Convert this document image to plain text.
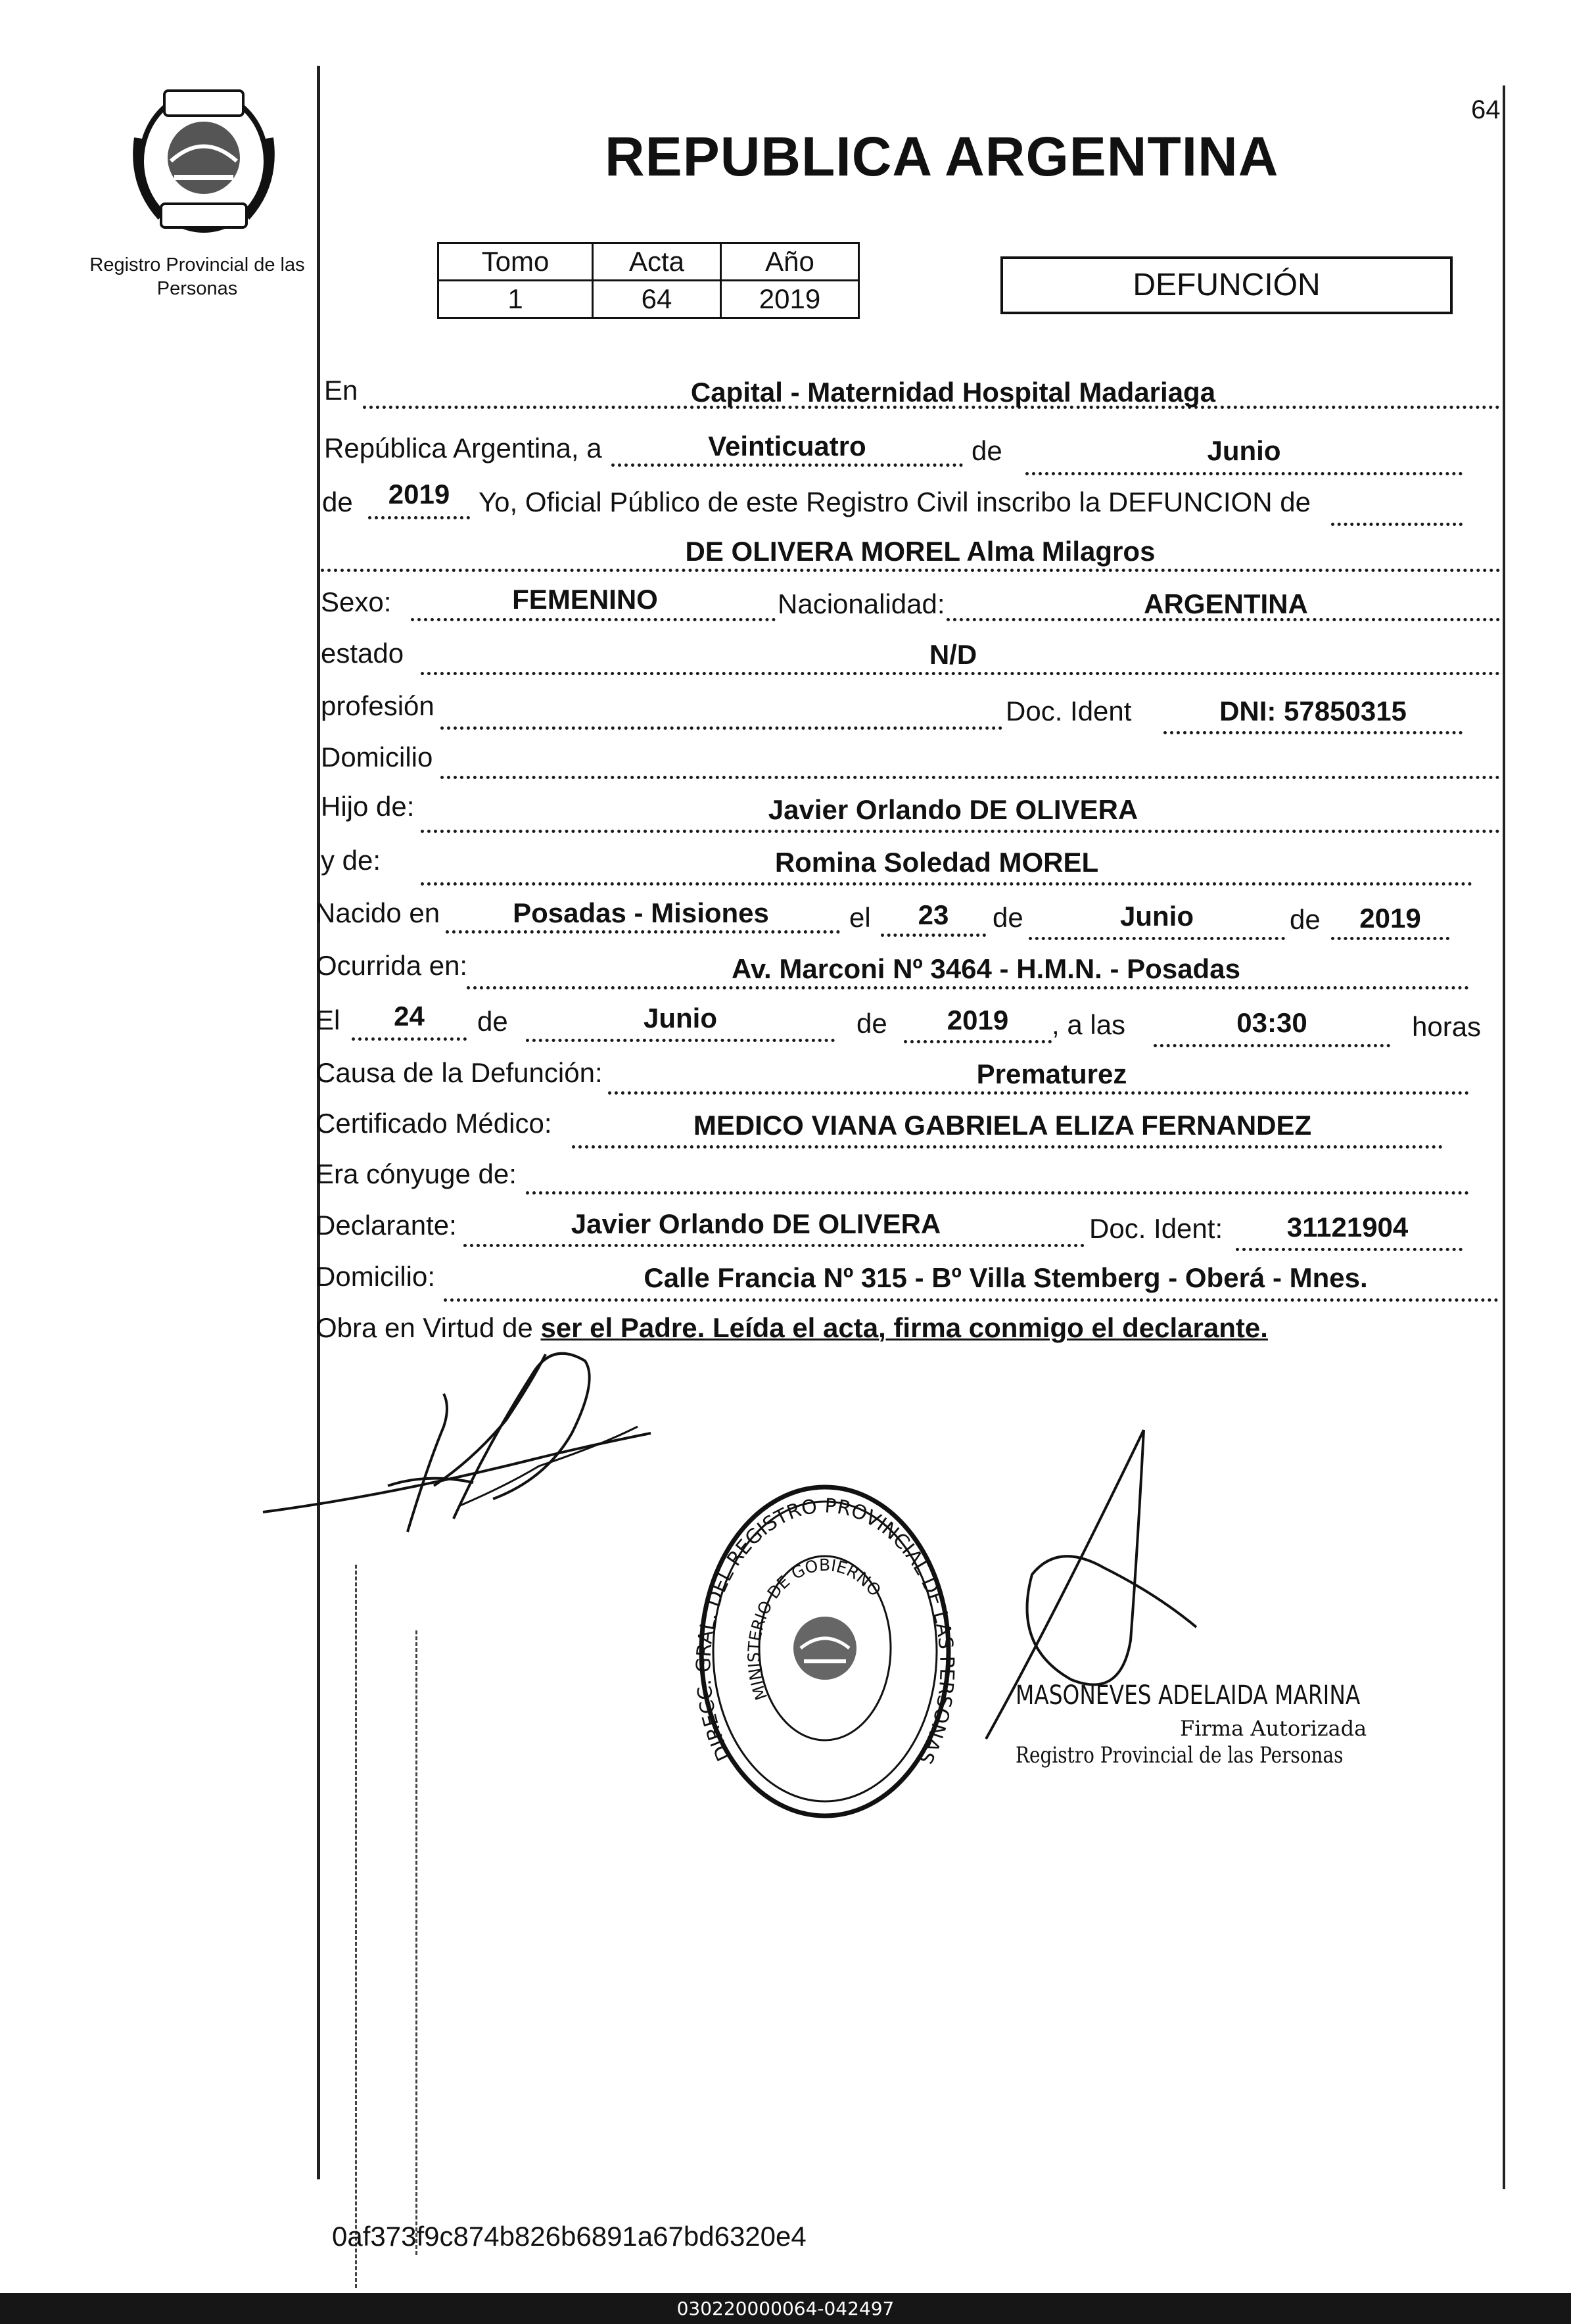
Registro Provincial de las Personas
REPUBLICA ARGENTINA
64
Tomo	Acta	Año
1	64	2019	DEFUNCIÓN
En	Capital - Maternidad Hospital Madariaga
República Argentina, a	Veinticuatro	de	Junio
de	2019	Yo, Oficial Público de este Registro Civil inscribo la DEFUNCION de
DE OLIVERA MOREL Alma Milagros
Sexo:	FEMENINO	Nacionalidad:	ARGENTINA
estado	N/D
profesión	Doc. Ident	DNI: 57850315
Domicilio
Hijo de:	Javier Orlando DE OLIVERA
y de:	Romina Soledad MOREL
Nacido en	Posadas - Misiones	el	23	de	Junio	de	2019
Ocurrida en:	Av. Marconi Nº 3464 - H.M.N. - Posadas
El	24	de	Junio	de	2019	, a las	03:30	horas
Causa de la Defunción:	Prematurez
Certificado Médico:	MEDICO VIANA GABRIELA ELIZA FERNANDEZ
Era cónyuge de:
Declarante:	Javier Orlando DE OLIVERA	Doc. Ident:	31121904
Domicilio:	Calle Francia Nº 315 - Bº Villa Stemberg - Oberá - Mnes.
Obra en Virtud de ser el Padre. Leída el acta, firma conmigo el declarante.
DIRECC AL. DEL REGISTRO PROVINCIAL DE LAS SONAS
MINISTERIO DE GOBIERNO
MASONEVES ADELAIDA MARINA
Firma Autorizada
Registro Provincial de las Personas
0af373f9c874b826b6891a67bd6320e4
030220000064-042497
